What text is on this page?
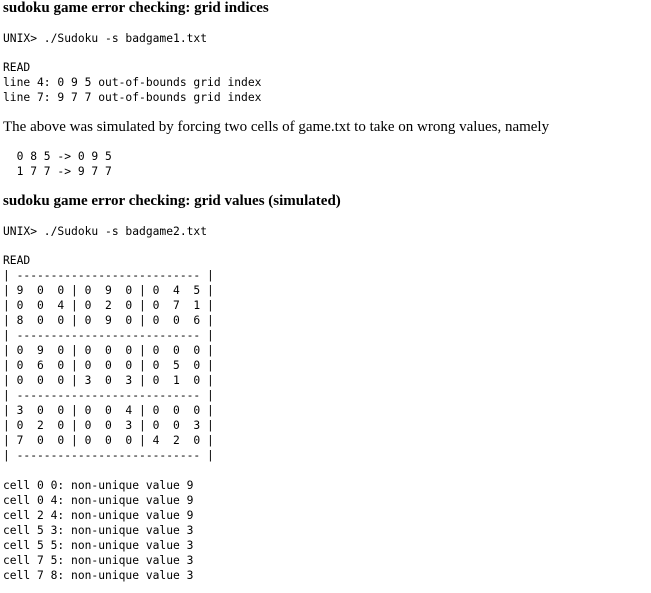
sudoku game error checking: grid indices
UNIX> ./Sudoku -s badgame1.txt
READ
line 4: 0 9 5 out-of-bounds grid index
line 7: 9 7 7 out-of-bounds grid index

The above was simulated by forcing two cells of game.txt to take on wrong values, namely

0 8 5 -> 0 9 5
1 7 7 -> 9 7 7
sudoku game error checking: grid values (simulated)
UNIX> ./Sudoku -s badgame2.txt
READ
| --------------------------- |
| 9  0  0 | 0  9  0 | 0  4  5 |
| 0  0  4 | 0  2  0 | 0  7  1 |
| 8  0  0 | 0  9  0 | 0  0  6 |
| --------------------------- |
| 0  9  0 | 0  0  0 | 0  0  0 |
| 0  6  0 | 0  0  0 | 0  5  0 |
| 0  0  0 | 3  0  3 | 0  1  0 |
| --------------------------- |
| 3  0  0 | 0  0  4 | 0  0  0 |
| 0  2  0 | 0  0  3 | 0  0  3 |
| 7  0  0 | 0  0  0 | 4  2  0 |
| --------------------------- |
cell 0 0: non-unique value 9
cell 0 4: non-unique value 9
cell 2 4: non-unique value 9
cell 5 3: non-unique value 3
cell 5 5: non-unique value 3
cell 7 5: non-unique value 3
cell 7 8: non-unique value 3
